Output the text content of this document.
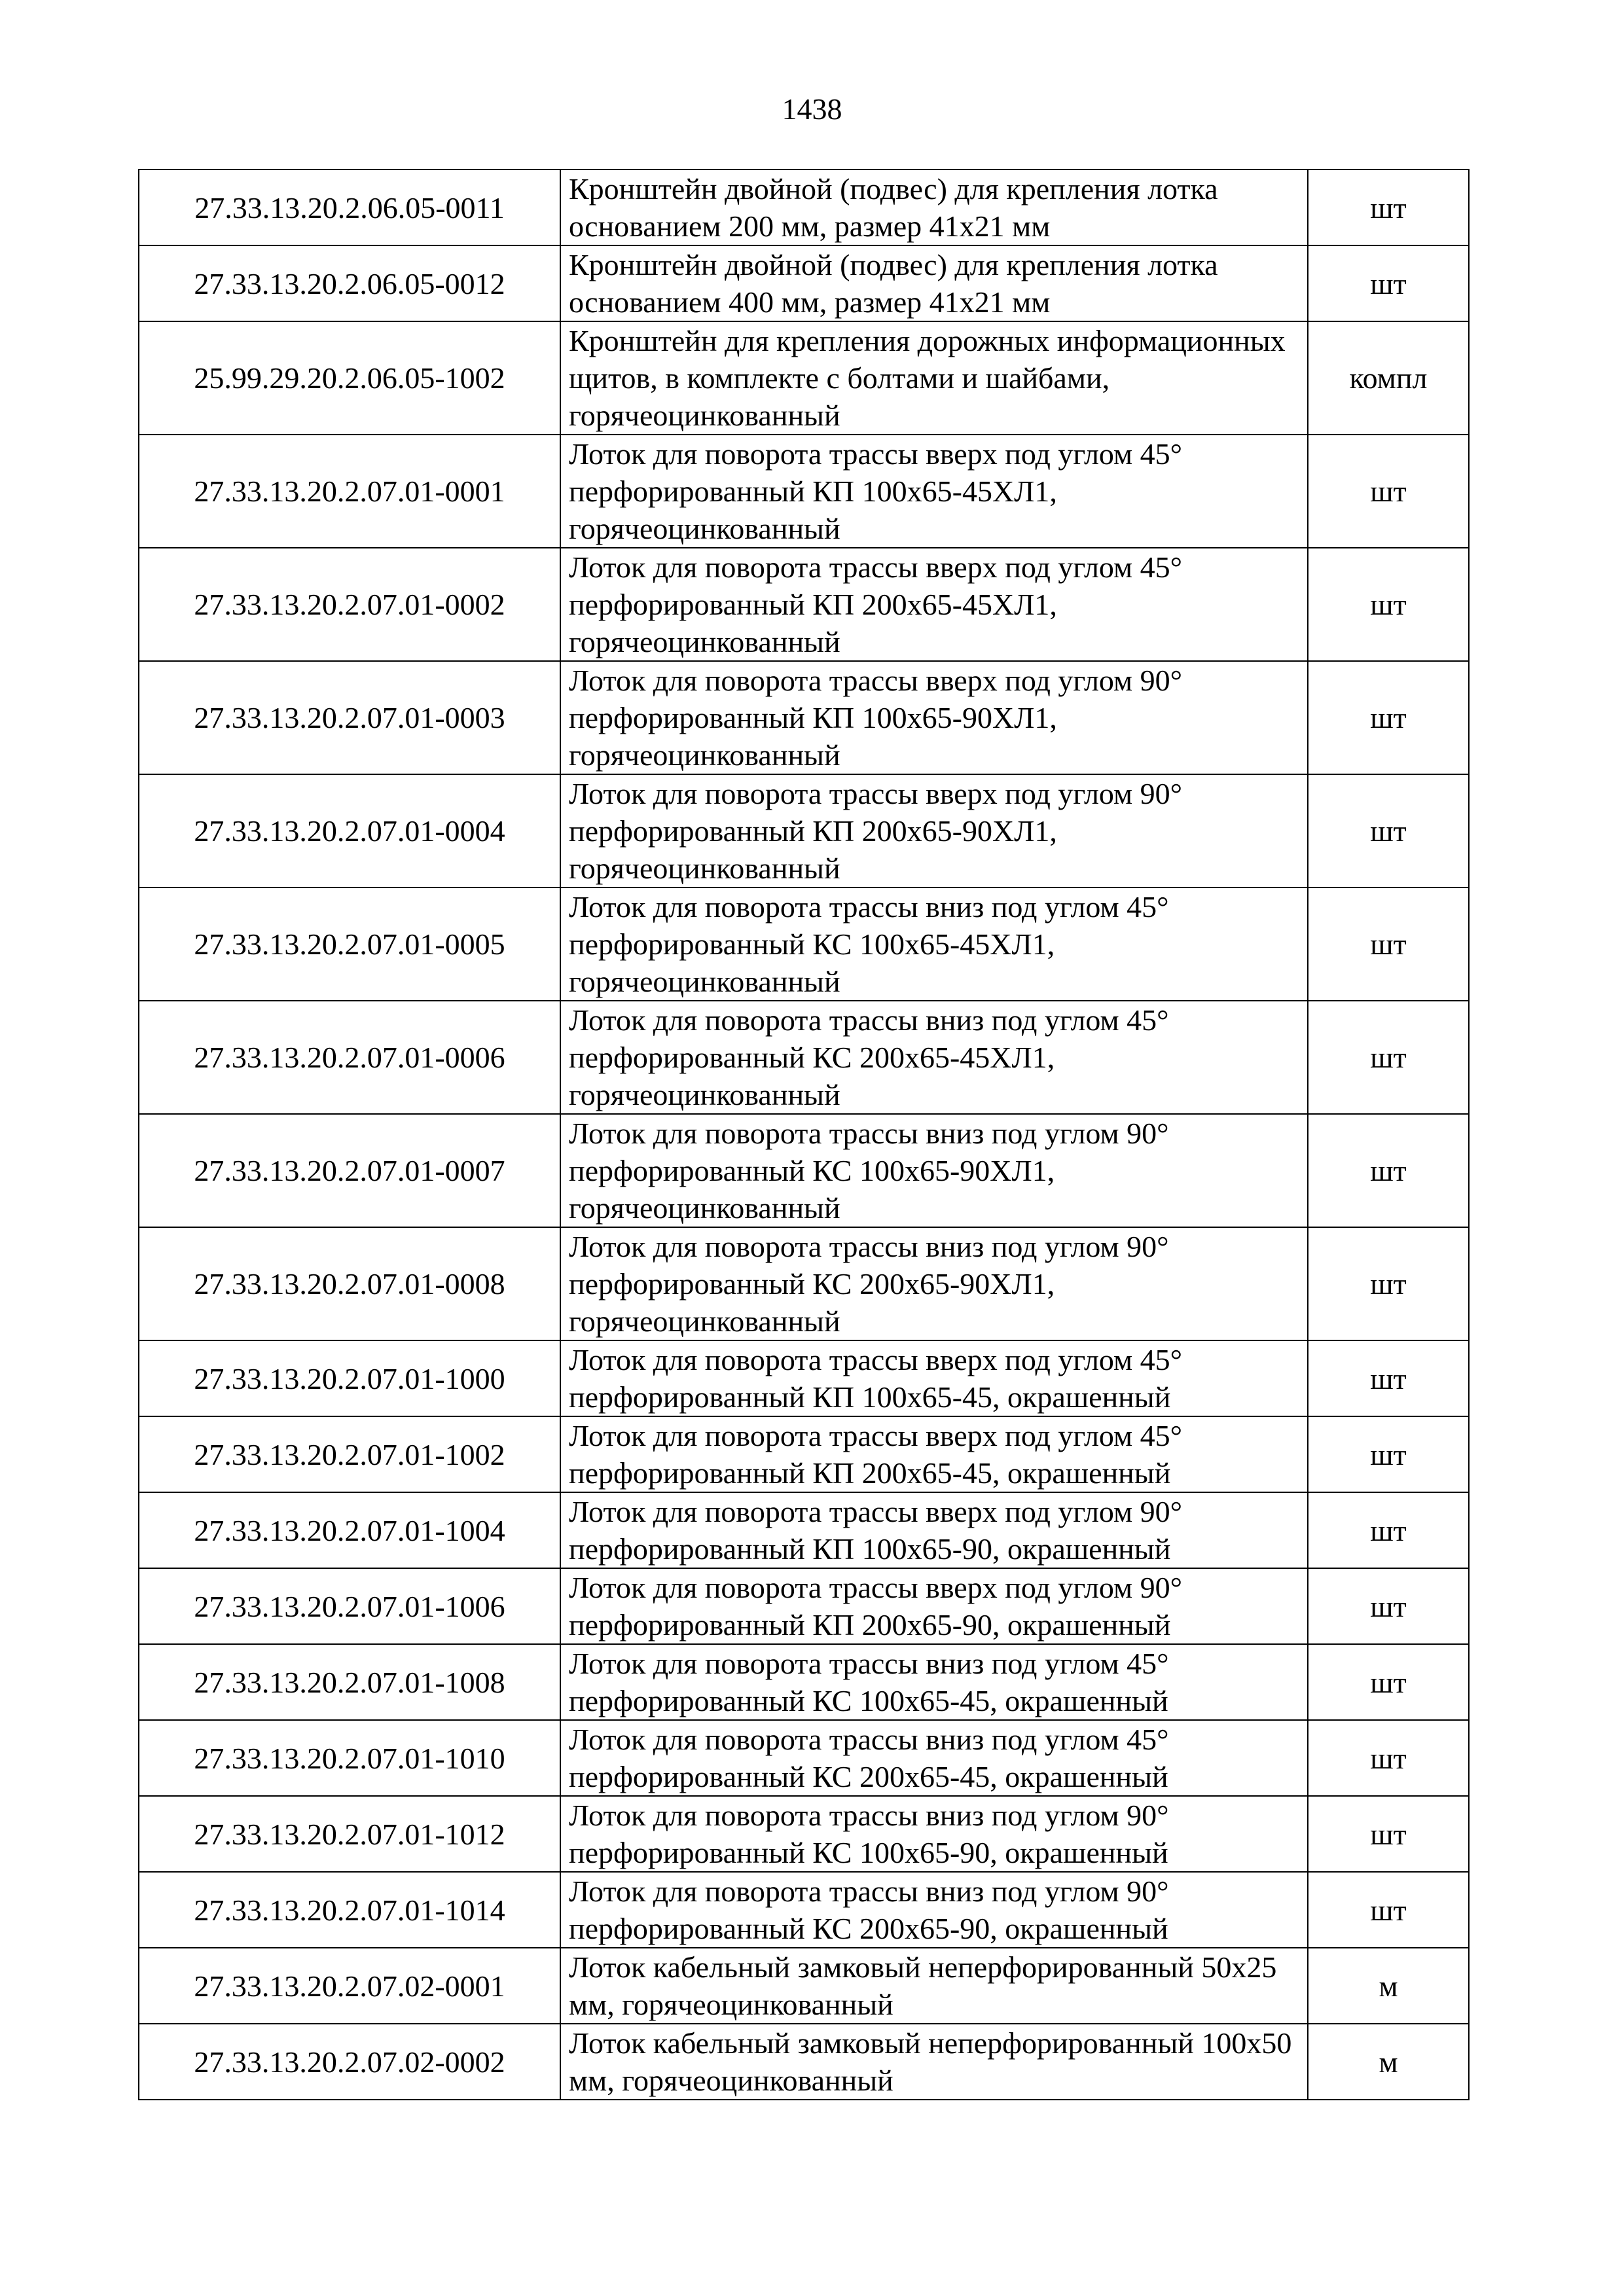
1438
27.33.13.20.2.06.05-0011	Кронштейн двойной (подвес) для крепления лотка основанием 200 мм, размер 41х21 мм	шт
27.33.13.20.2.06.05-0012	Кронштейн двойной (подвес) для крепления лотка основанием 400 мм, размер 41х21 мм	шт
25.99.29.20.2.06.05-1002	Кронштейн для крепления дорожных информационных щитов, в комплекте с болтами и шайбами, горячеоцинкованный	компл
27.33.13.20.2.07.01-0001	Лоток для поворота трассы вверх под углом 45° перфорированный КП 100х65-45ХЛ1, горячеоцинкованный	шт
27.33.13.20.2.07.01-0002	Лоток для поворота трассы вверх под углом 45° перфорированный КП 200х65-45ХЛ1, горячеоцинкованный	шт
27.33.13.20.2.07.01-0003	Лоток для поворота трассы вверх под углом 90° перфорированный КП 100х65-90ХЛ1, горячеоцинкованный	шт
27.33.13.20.2.07.01-0004	Лоток для поворота трассы вверх под углом 90° перфорированный КП 200х65-90ХЛ1, горячеоцинкованный	шт
27.33.13.20.2.07.01-0005	Лоток для поворота трассы вниз под углом 45° перфорированный КС 100х65-45ХЛ1, горячеоцинкованный	шт
27.33.13.20.2.07.01-0006	Лоток для поворота трассы вниз под углом 45° перфорированный КС 200х65-45ХЛ1, горячеоцинкованный	шт
27.33.13.20.2.07.01-0007	Лоток для поворота трассы вниз под углом 90° перфорированный КС 100х65-90ХЛ1, горячеоцинкованный	шт
27.33.13.20.2.07.01-0008	Лоток для поворота трассы вниз под углом 90° перфорированный КС 200х65-90ХЛ1, горячеоцинкованный	шт
27.33.13.20.2.07.01-1000	Лоток для поворота трассы вверх под углом 45° перфорированный КП 100х65-45, окрашенный	шт
27.33.13.20.2.07.01-1002	Лоток для поворота трассы вверх под углом 45° перфорированный КП 200х65-45, окрашенный	шт
27.33.13.20.2.07.01-1004	Лоток для поворота трассы вверх под углом 90° перфорированный КП 100х65-90, окрашенный	шт
27.33.13.20.2.07.01-1006	Лоток для поворота трассы вверх под углом 90° перфорированный КП 200х65-90, окрашенный	шт
27.33.13.20.2.07.01-1008	Лоток для поворота трассы вниз под углом 45° перфорированный КС 100х65-45, окрашенный	шт
27.33.13.20.2.07.01-1010	Лоток для поворота трассы вниз под углом 45° перфорированный КС 200х65-45, окрашенный	шт
27.33.13.20.2.07.01-1012	Лоток для поворота трассы вниз под углом 90° перфорированный КС 100х65-90, окрашенный	шт
27.33.13.20.2.07.01-1014	Лоток для поворота трассы вниз под углом 90° перфорированный КС 200х65-90, окрашенный	шт
27.33.13.20.2.07.02-0001	Лоток кабельный замковый неперфорированный 50х25 мм, горячеоцинкованный	м
27.33.13.20.2.07.02-0002	Лоток кабельный замковый неперфорированный 100х50 мм, горячеоцинкованный	м
